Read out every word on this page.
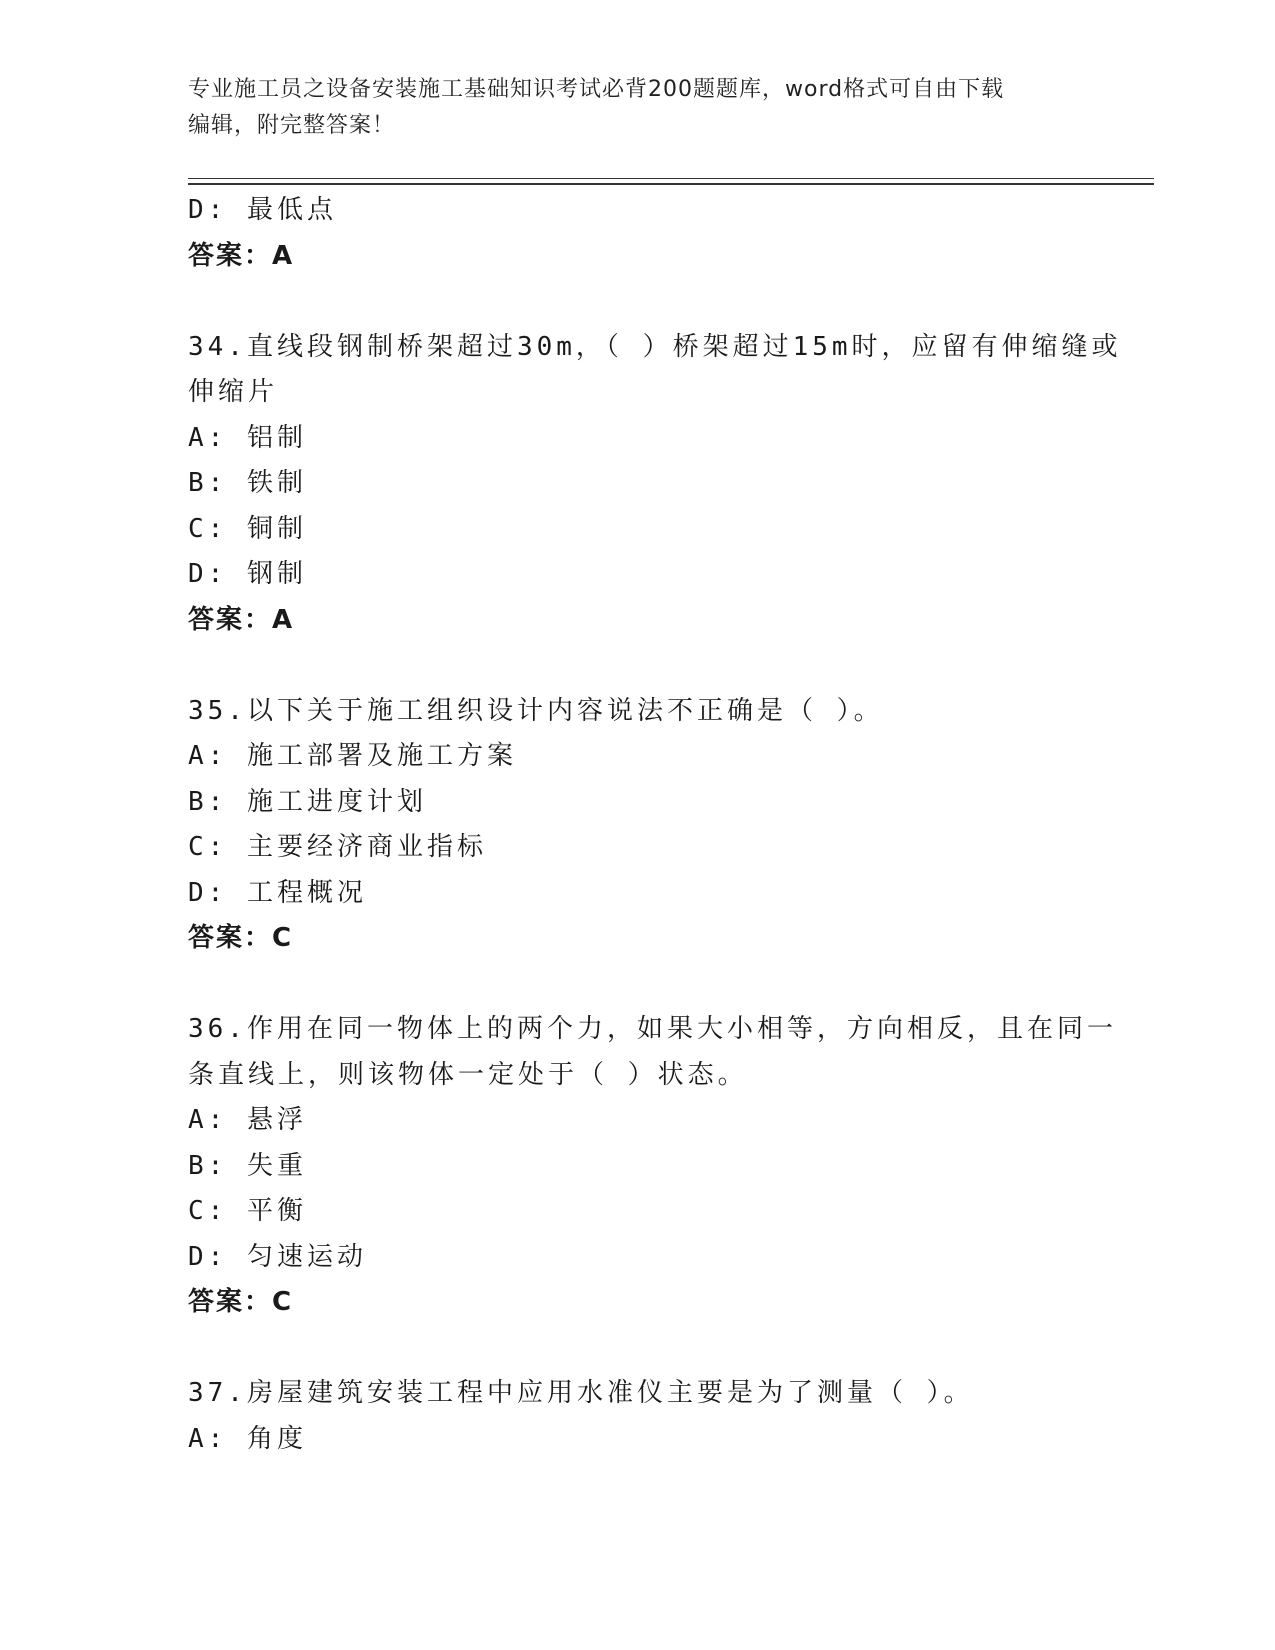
专业施工员之设备安装施工基础知识考试必背200题题库，word格式可自由下载
编辑，附完整答案！
D: 最低点
答案：A
34.直线段钢制桥架超过30m，（ ）桥架超过15m时，应留有伸缩缝或
伸缩片
A: 铝制
B: 铁制
C: 铜制
D: 钢制
答案：A
35.以下关于施工组织设计内容说法不正确是（ ）。
A: 施工部署及施工方案
B: 施工进度计划
C: 主要经济商业指标
D: 工程概况
答案：C
36.作用在同一物体上的两个力，如果大小相等，方向相反，且在同一
条直线上，则该物体一定处于（ ）状态。
A: 悬浮
B: 失重
C: 平衡
D: 匀速运动
答案：C
37.房屋建筑安装工程中应用水准仪主要是为了测量（ ）。
A: 角度
